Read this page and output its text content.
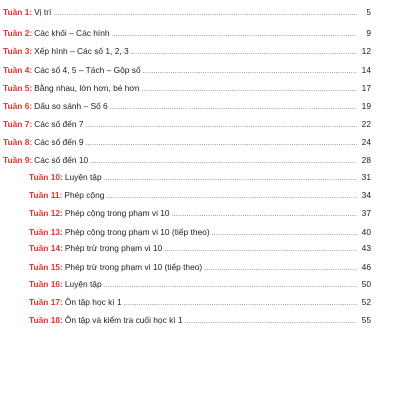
Tuần 1: Vị trí .....	5
Tuần 2: Các khối – Các hình .....	9
Tuần 3: Xếp hình – Các số 1, 2, 3 .....	12
Tuần 4: Các số 4, 5 – Tách – Gộp số .....	14
Tuần 5: Bằng nhau, lớn hơn, bé hơn .....	17
Tuần 6: Dấu so sánh – Số 6 .....	19
Tuần 7: Các số đến 7 .....	22
Tuần 8: Các số đến 9 .....	24
Tuần 9: Các số đến 10 .....	28
Tuần 10: Luyện tập .....	31
Tuần 11: Phép cộng .....	34
Tuần 12: Phép cộng trong phạm vi 10 .....	37
Tuần 13: Phép cộng trong phạm vi 10 (tiếp theo) .....	40
Tuần 14: Phép trừ trong phạm vi 10 .....	43
Tuần 15: Phép trừ trong phạm vi 10 (tiếp theo) .....	46
Tuần 16: Luyện tập .....	50
Tuần 17: Ôn tập học kì 1 .....	52
Tuần 18: Ôn tập và kiểm tra cuối học kì 1 .....	55
